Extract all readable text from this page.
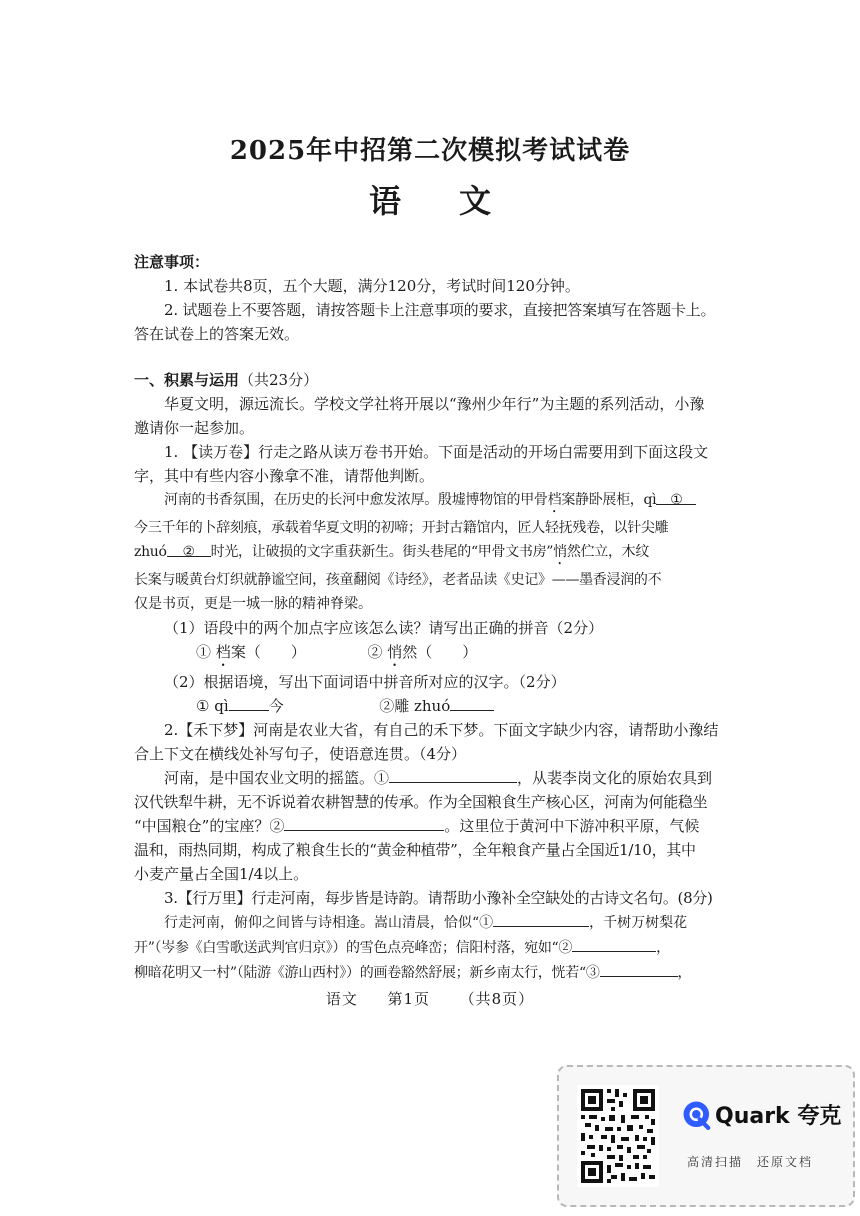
2025年中招第二次模拟考试试卷
语文
注意事项：
1. 本试卷共8页，五个大题，满分120分，考试时间120分钟。
2. 试题卷上不要答题，请按答题卡上注意事项的要求，直接把答案填写在答题卡上。
答在试卷上的答案无效。
一、积累与运用（共23分）
华夏文明，源远流长。学校文学社将开展以“豫州少年行”为主题的系列活动，小豫
邀请你一起参加。
1. 【读万卷】行走之路从读万卷书开始。下面是活动的开场白需要用到下面这段文
字，其中有些内容小豫拿不准，请帮他判断。
河南的书香氛围，在历史的长河中愈发浓厚。殷墟博物馆的甲骨档案静卧展柜，qì ①
今三千年的卜辞刻痕，承载着华夏文明的初啼；开封古籍馆内，匠人轻抚残卷，以针尖雕
zhuó ② 时光，让破损的文字重获新生。街头巷尾的“甲骨文书房”悄然伫立，木纹
长案与暖黄台灯织就静谧空间，孩童翻阅《诗经》，老者品读《史记》——墨香浸润的不
仅是书页，更是一城一脉的精神脊梁。
（1）语段中的两个加点字应该怎么读？请写出正确的拼音（2分）
① 档案（　　）	② 悄然（　　）
（2）根据语境，写出下面词语中拼音所对应的汉字。（2分）
① qì	今	②雕 zhuó
2.【禾下梦】河南是农业大省，有自己的禾下梦。下面文字缺少内容，请帮助小豫结
合上下文在横线处补写句子，使语意连贯。（4分）
河南，是中国农业文明的摇篮。①	，从裴李岗文化的原始农具到
汉代铁犁牛耕，无不诉说着农耕智慧的传承。作为全国粮食生产核心区，河南为何能稳坐
“中国粮仓”的宝座？②	。这里位于黄河中下游冲积平原，气候
温和，雨热同期，构成了粮食生长的“黄金种植带”，全年粮食产量占全国近1/10，其中
小麦产量占全国1/4以上。
3.【行万里】行走河南，每步皆是诗韵。请帮助小豫补全空缺处的古诗文名句。(8分)
行走河南，俯仰之间皆与诗相逢。嵩山清晨，恰似“①	，千树万树梨花
开”（岑参《白雪歌送武判官归京》）的雪色点亮峰峦；信阳村落，宛如“②	，
柳暗花明又一村”（陆游《游山西村》）的画卷豁然舒展；新乡南太行，恍若“③	，
语文 第1页 （共8页）
Quark 夸克
高清扫描　还原文档
